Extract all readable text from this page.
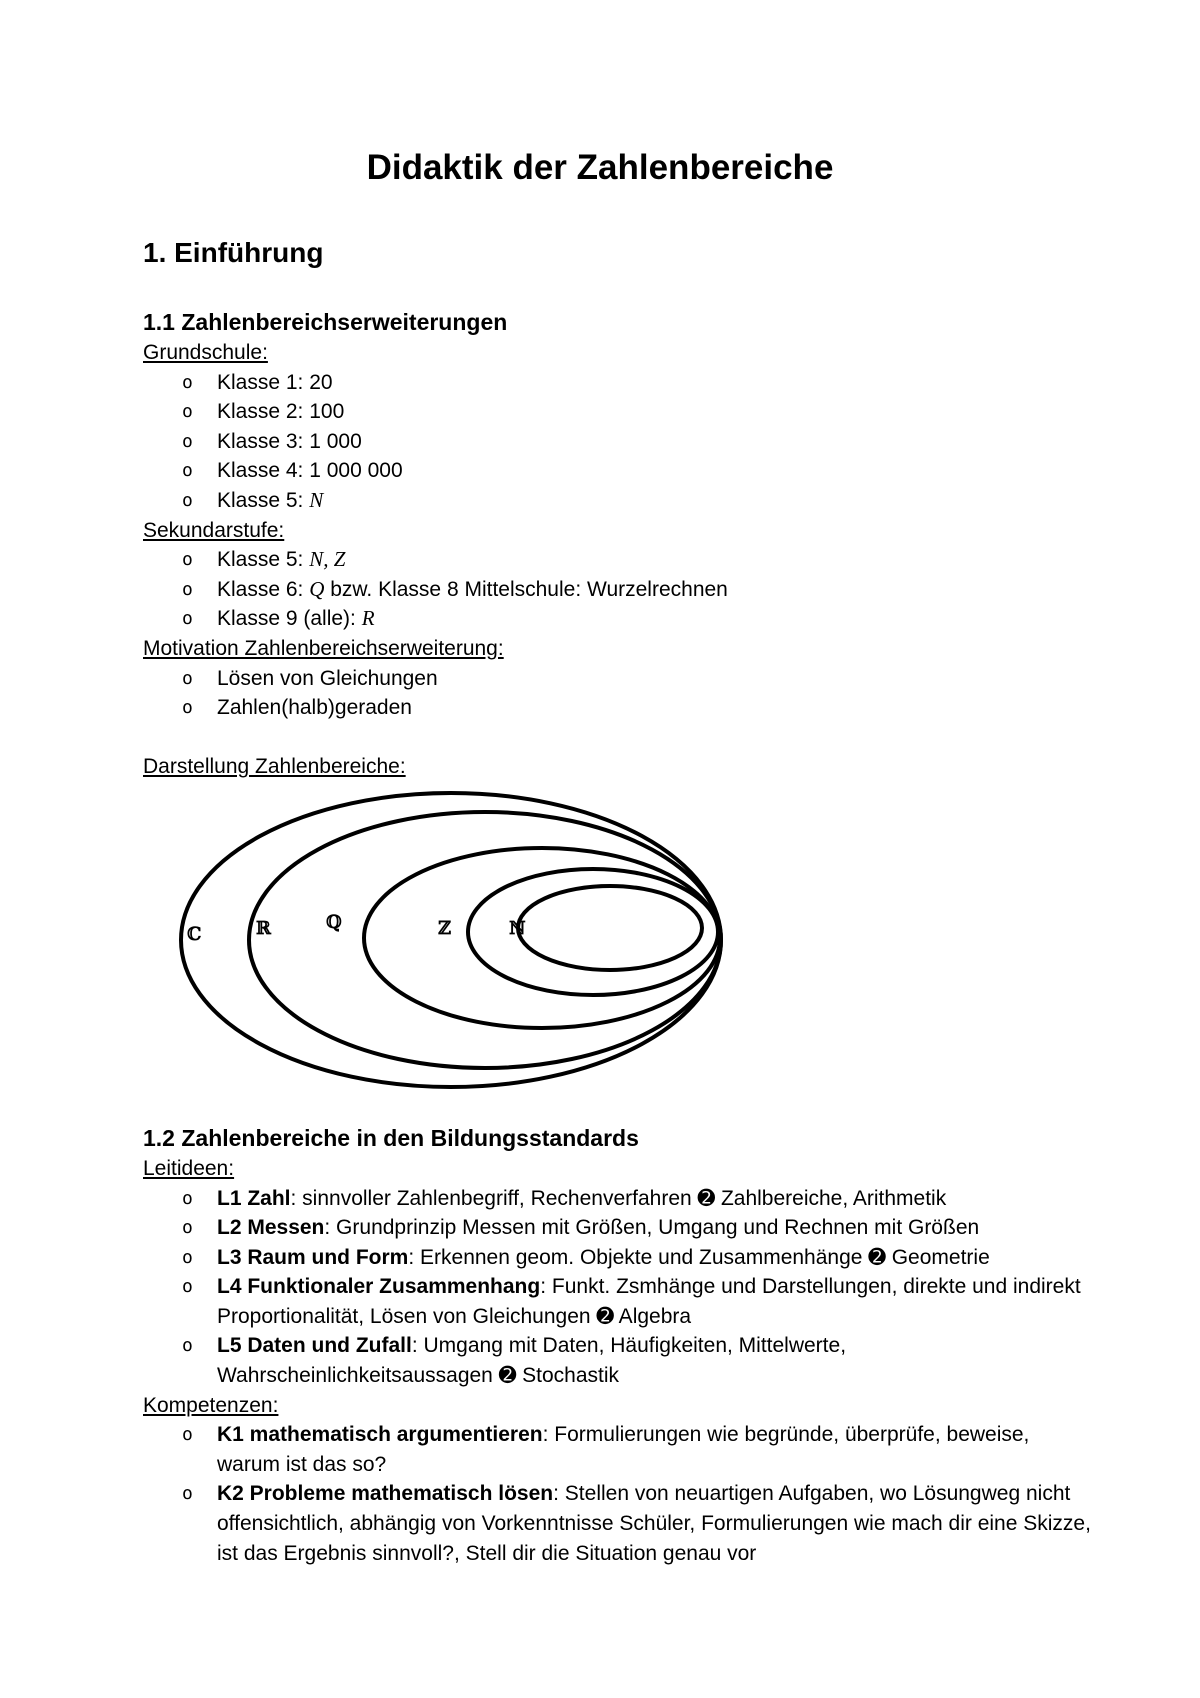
Didaktik der Zahlenbereiche
1. Einführung
1.1 Zahlenbereichserweiterungen
Grundschule:
o Klasse 1: 20
o Klasse 2: 100
o Klasse 3: 1 000
o Klasse 4: 1 000 000
o Klasse 5: N
Sekundarstufe:
o Klasse 5: N, Z
o Klasse 6: Q bzw. Klasse 8 Mittelschule: Wurzelrechnen
o Klasse 9 (alle): R
Motivation Zahlenbereichserweiterung:
o Lösen von Gleichungen
o Zahlen(halb)geraden
Darstellung Zahlenbereiche:
ℂ	ℝ	ℚ	ℤ	ℕ
1.2 Zahlenbereiche in den Bildungsstandards
Leitideen:
o L1 Zahl: sinnvoller Zahlenbegriff, Rechenverfahren ➋ Zahlbereiche, Arithmetik
o L2 Messen: Grundprinzip Messen mit Größen, Umgang und Rechnen mit Größen
o L3 Raum und Form: Erkennen geom. Objekte und Zusammenhänge ➋ Geometrie
o L4 Funktionaler Zusammenhang: Funkt. Zsmhänge und Darstellungen, direkte und indirekt Proportionalität, Lösen von Gleichungen ➋ Algebra
o L5 Daten und Zufall: Umgang mit Daten, Häufigkeiten, Mittelwerte, Wahrscheinlichkeitsaussagen ➋ Stochastik
Kompetenzen:
o K1 mathematisch argumentieren: Formulierungen wie begründe, überprüfe, beweise, warum ist das so?
o K2 Probleme mathematisch lösen: Stellen von neuartigen Aufgaben, wo Lösungweg nicht offensichtlich, abhängig von Vorkenntnisse Schüler, Formulierungen wie mach dir eine Skizze, ist das Ergebnis sinnvoll?, Stell dir die Situation genau vor
